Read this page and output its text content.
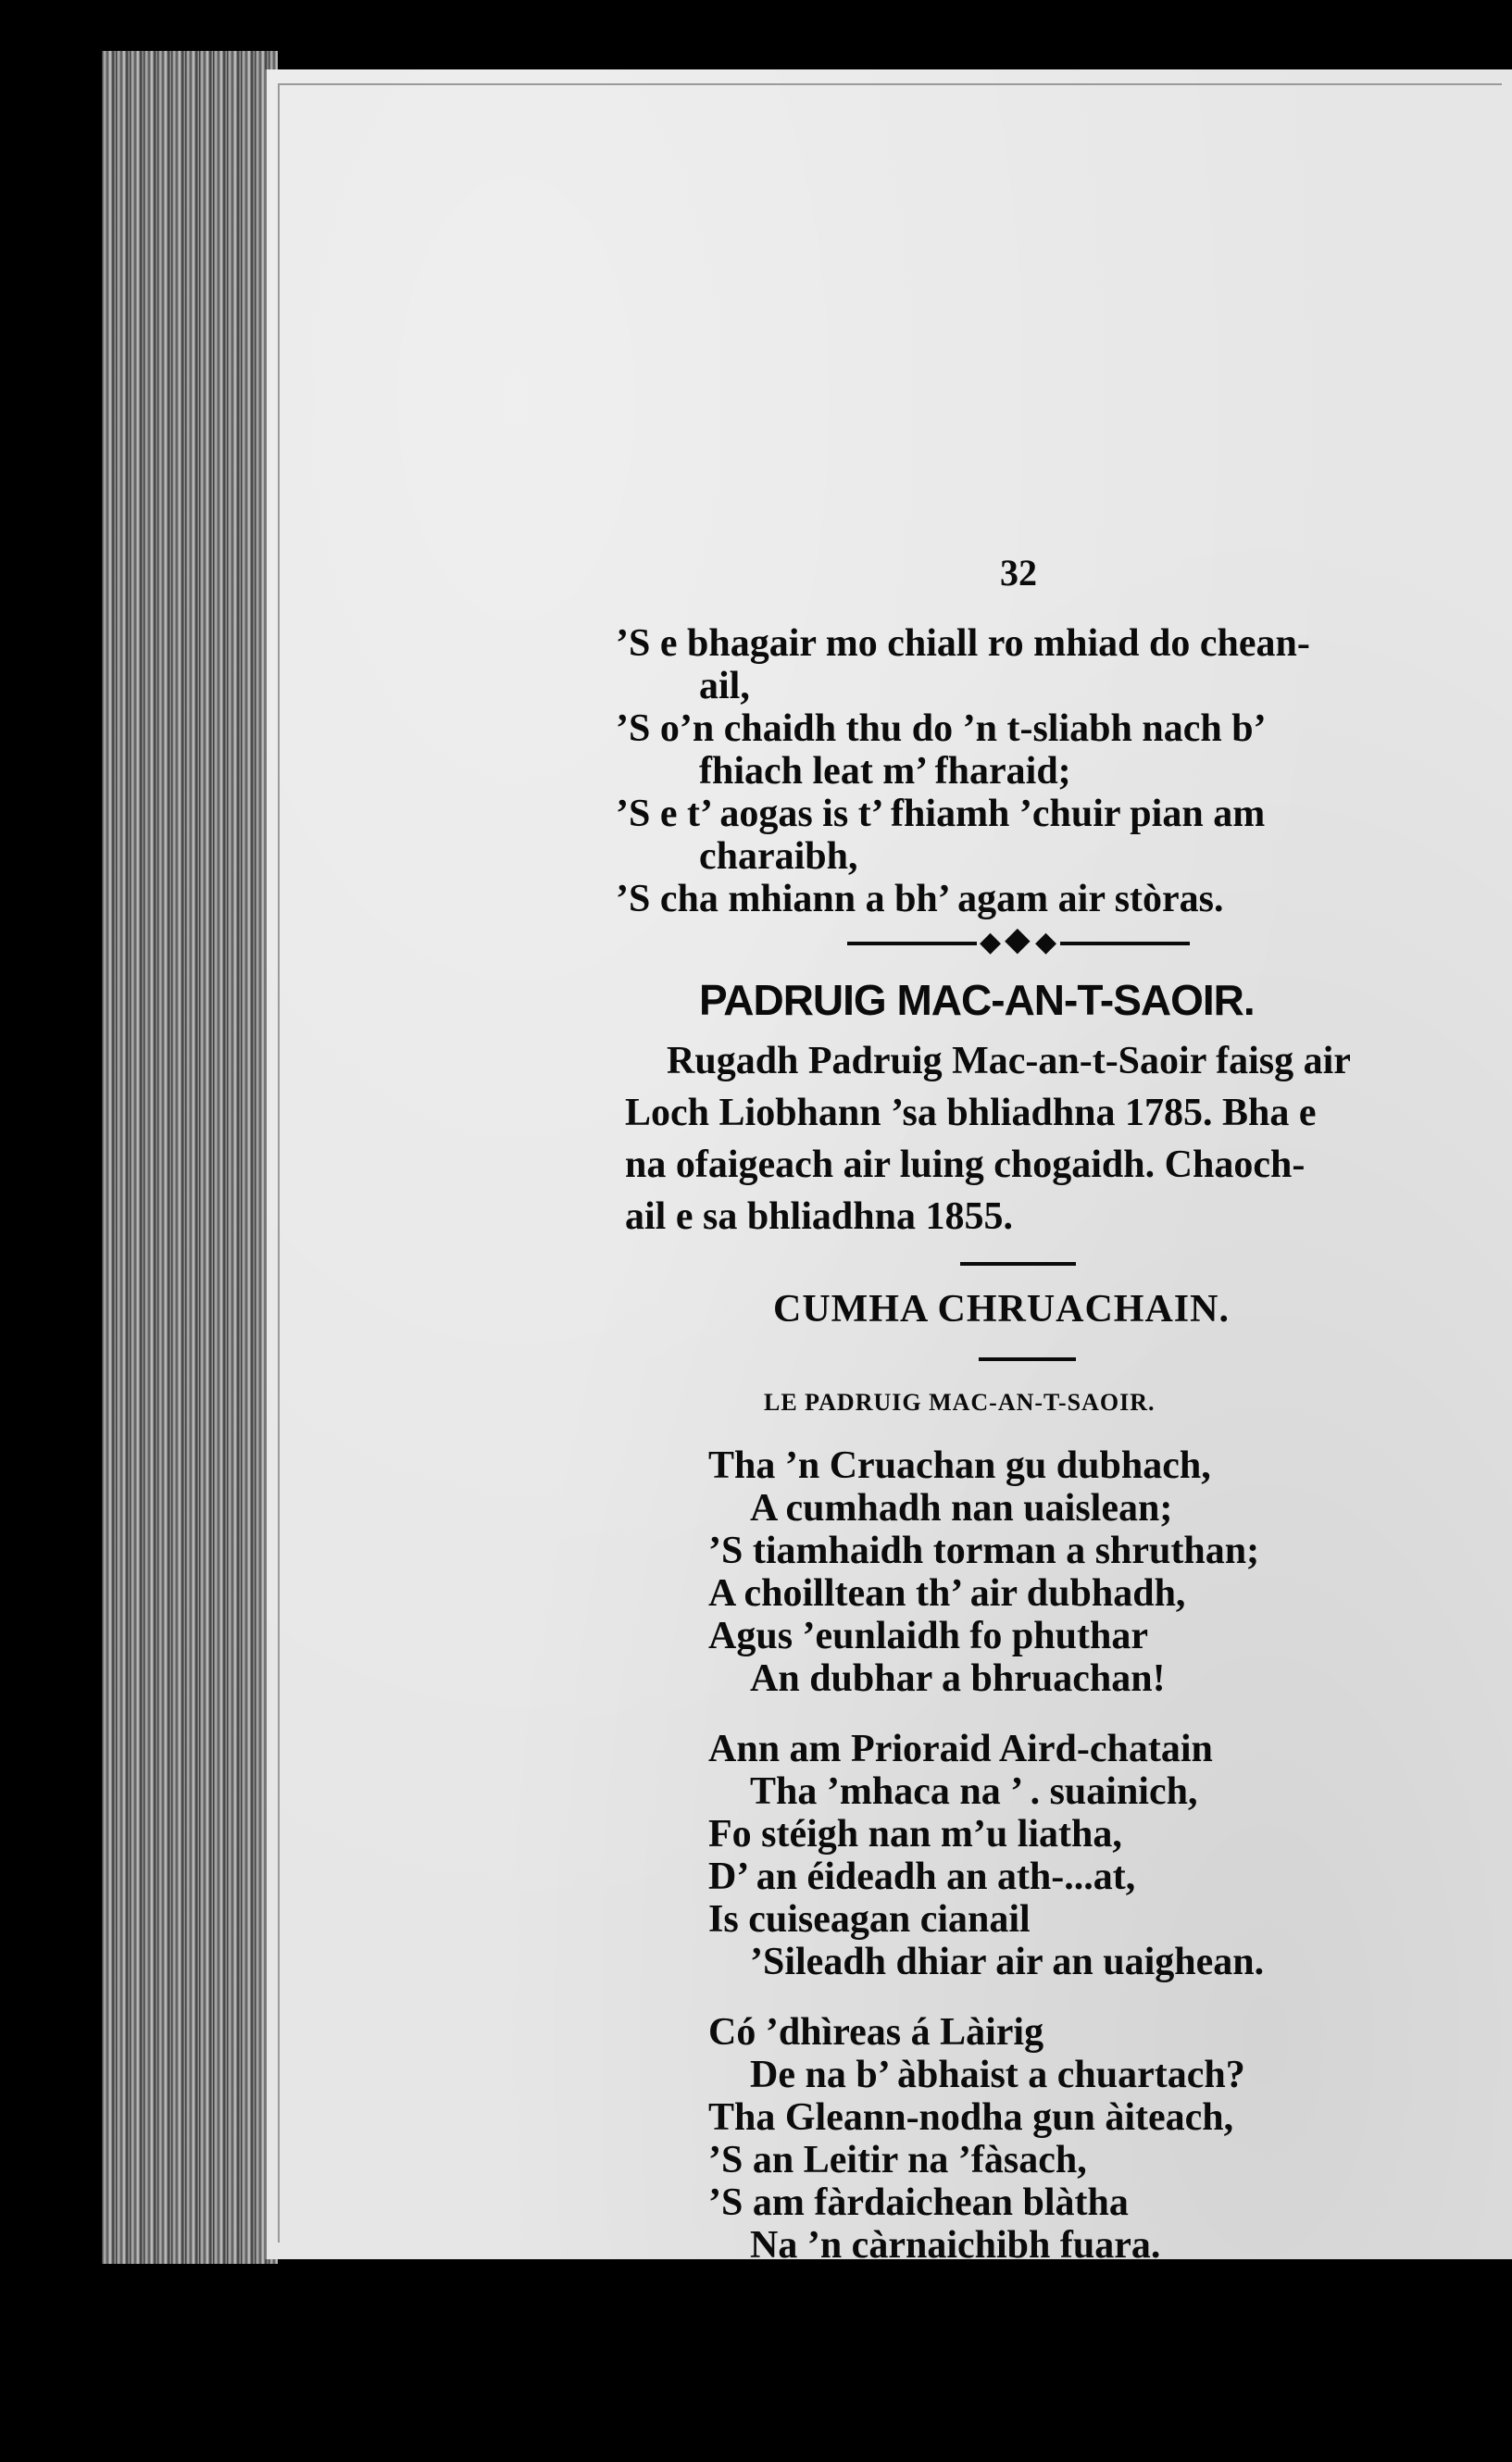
32
’S e bhagair mo chiall ro mhiad do chean-
ail,
’S o’n chaidh thu do ’n t-sliabh nach b’
fhiach leat m’ fharaid;
’S e t’ aogas is t’ fhiamh ’chuir pian am
charaibh,
’S cha mhiann a bh’ agam air stòras.
◆ ◆ ◆
PADRUIG MAC-AN-T-SAOIR.
Rugadh Padruig Mac-an-t-Saoir faisg air
Loch Liobhann ’sa bhliadhna 1785. Bha e
na ofaigeach air luing chogaidh. Chaoch-
ail e sa bhliadhna 1855.
CUMHA CHRUACHAIN.
LE PADRUIG MAC-AN-T-SAOIR.
Tha ’n Cruachan gu dubhach,
A cumhadh nan uaislean;
’S tiamhaidh torman a shruthan;
A choilltean th’ air dubhadh,
Agus ’eunlaidh fo phuthar
An dubhar a bhruachan!
Ann am Prioraid Aird-chatain
Tha ’mhaca na ’ . suainich,
Fo stéigh nan m’u liatha,
D’ an éideadh an ath-...at,
Is cuiseagan cianail
’Sileadh dhiar air an uaighean.
Có ’dhìreas á Làirig
De na b’ àbhaist a chuartach?
Tha Gleann-nodha gun àiteach,
’S an Leitir na ’fàsach,
’S am fàrdaichean blàtha
Na ’n càrnaichibh fuara.
